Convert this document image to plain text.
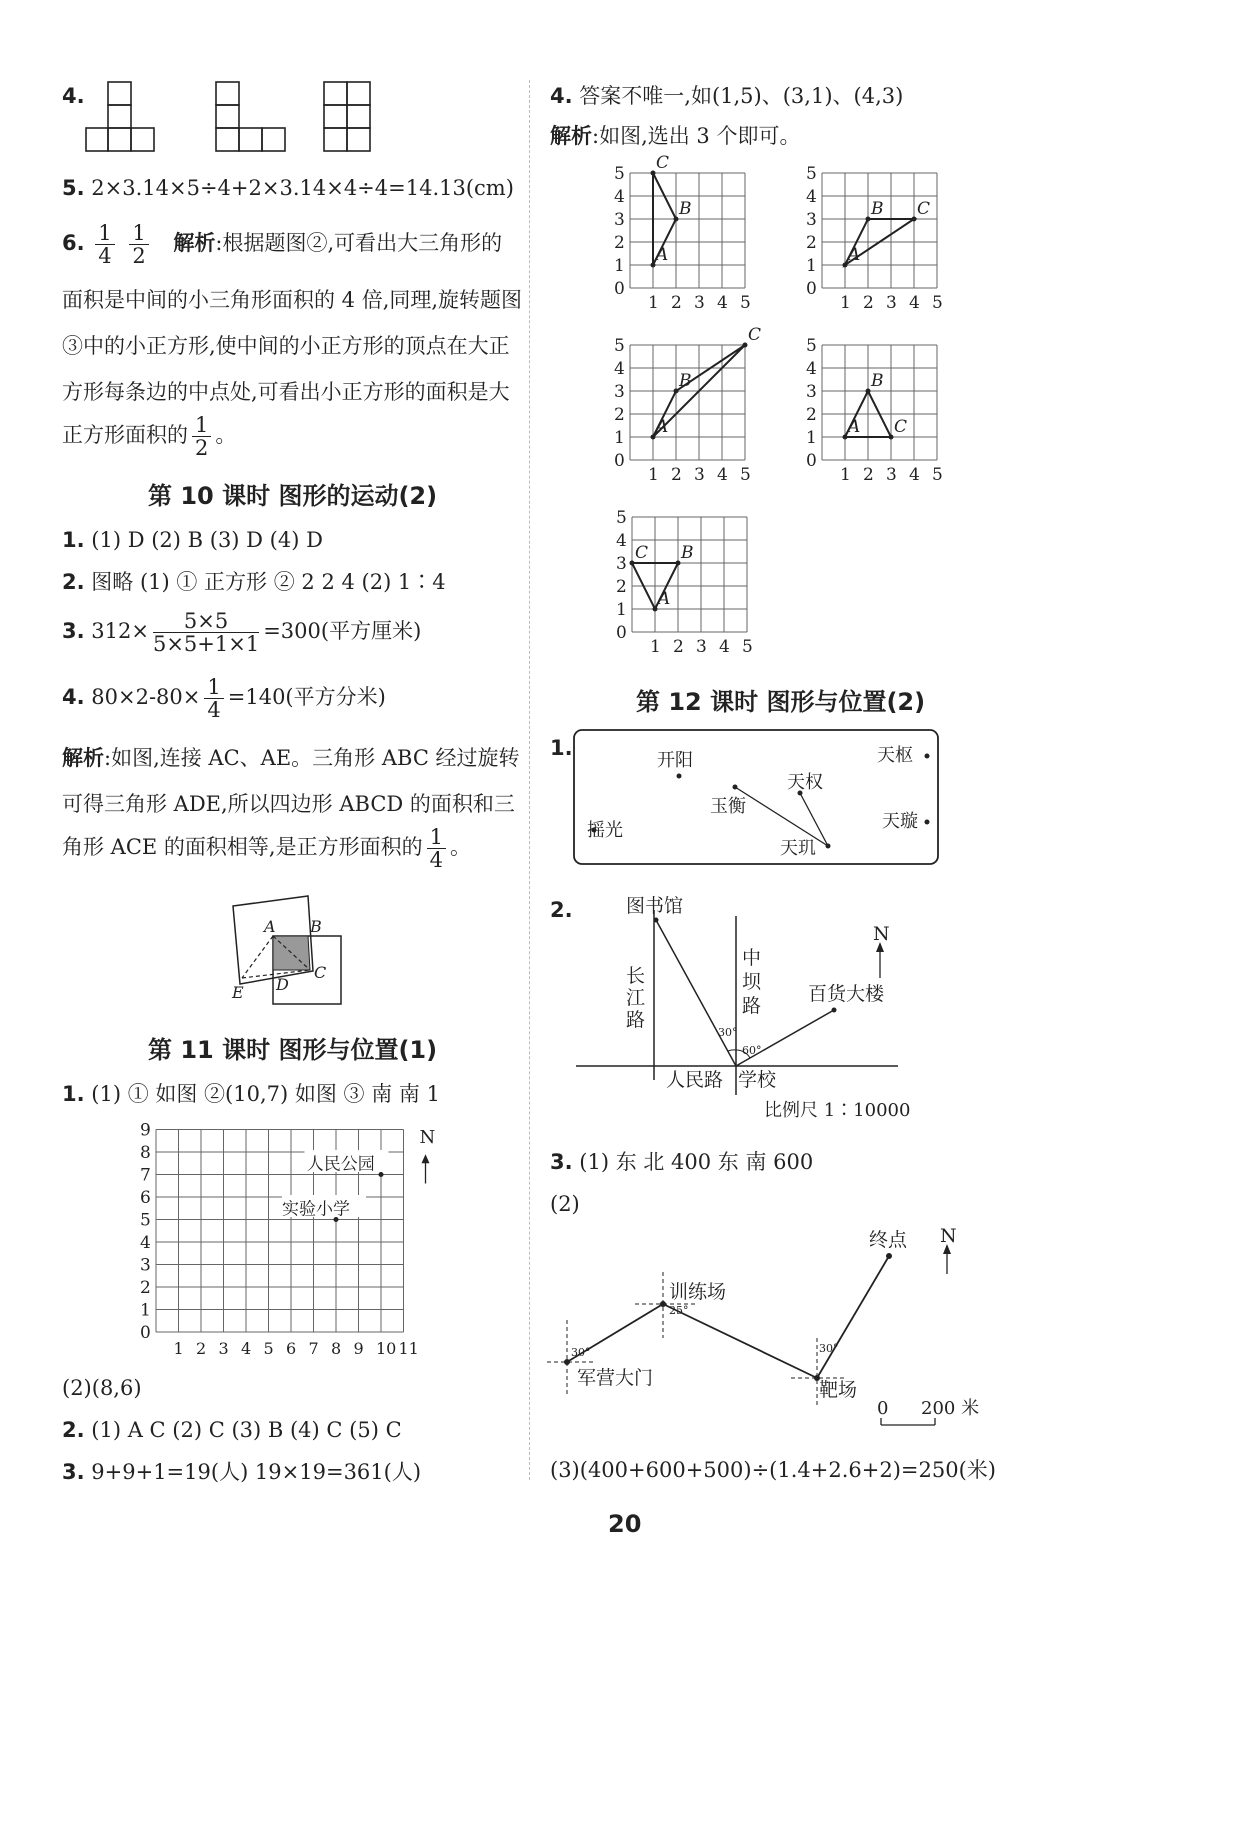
4.
5. 2×3.14×5÷4+2×3.14×4÷4=14.13(cm)
6. $\frac{1}{4}$
$\frac{1}{2}$ 解析:根据题图②,可看出大三角形的
面积是中间的小三角形面积的 4 倍,同理,旋转题图
③中的小正方形,使中间的小正方形的顶点在大正
方形每条边的中点处,可看出小正方形的面积是大
正方形面积的 $\frac{1}{2}$ 。
第 10 课时 图形的运动(2)
1. (1) D (2) B (3) D (4) D
2. 图略 (1) ① 正方形 ② 2 2 4 (2) 1∶4
3. $312\times \frac{5\times 5}{5\times 5+1\times 1} =300$(平方厘米)
4. $80\times 2-80\times \frac{1}{4} =140$(平方分米)
解析:如图,连接 AC、AE。三角形 ABC 经过旋转
可得三角形 ADE,所以四边形 ABCD 的面积和三
角形 ACE 的面积相等,是正方形面积的 $\frac{1}{4}$ 。
A B
C
D
E
第 11 课时 图形与位置(1)
1. (1) ① 如图 ②(10,7) 如图 ③ 南 南 1
0
1
2
3
4
5
6
7
8
9
1 2 3 4 5 6 7 8 9 10 11
人民公园
实验小学
N
(2)(8,6)
2. (1) A C (2) C (3) B (4) C (5) C
3. 9+9+1=19(人) 19×19=361(人)
4. 答案不唯一,如(1,5)、(3,1)、(4,3)
解析:如图,选出 3 个即可。
0
1
2
3
4
5
1 2 3 4 5
A
B
C
0
1
2
3
4
5
1 2 3 4 5
A
B C
0
1
2
3
4
5
1 2 3 4 5
A
B
C
0
1
2
3
4
5
1 2 3 4 5
A
B
C
0
1
2
3
4
5
1 2 3 4 5
A
B
C
第 12 课时 图形与位置(2)
1.
开阳
天权
天枢
玉衡
天璇
摇光
天玑
2.	图书馆
长
江
路
中
坝
路
百货大楼
人民路 学校
比例尺 1∶10000
30°
60°
N
3. (1) 东 北 400 东 南 600
(2)
终点
训练场
军营大门
靶场
N
30°
25°
30°
0 200 米
(3)(400+600+500)÷(1.4+2.6+2)=250(米)
20
